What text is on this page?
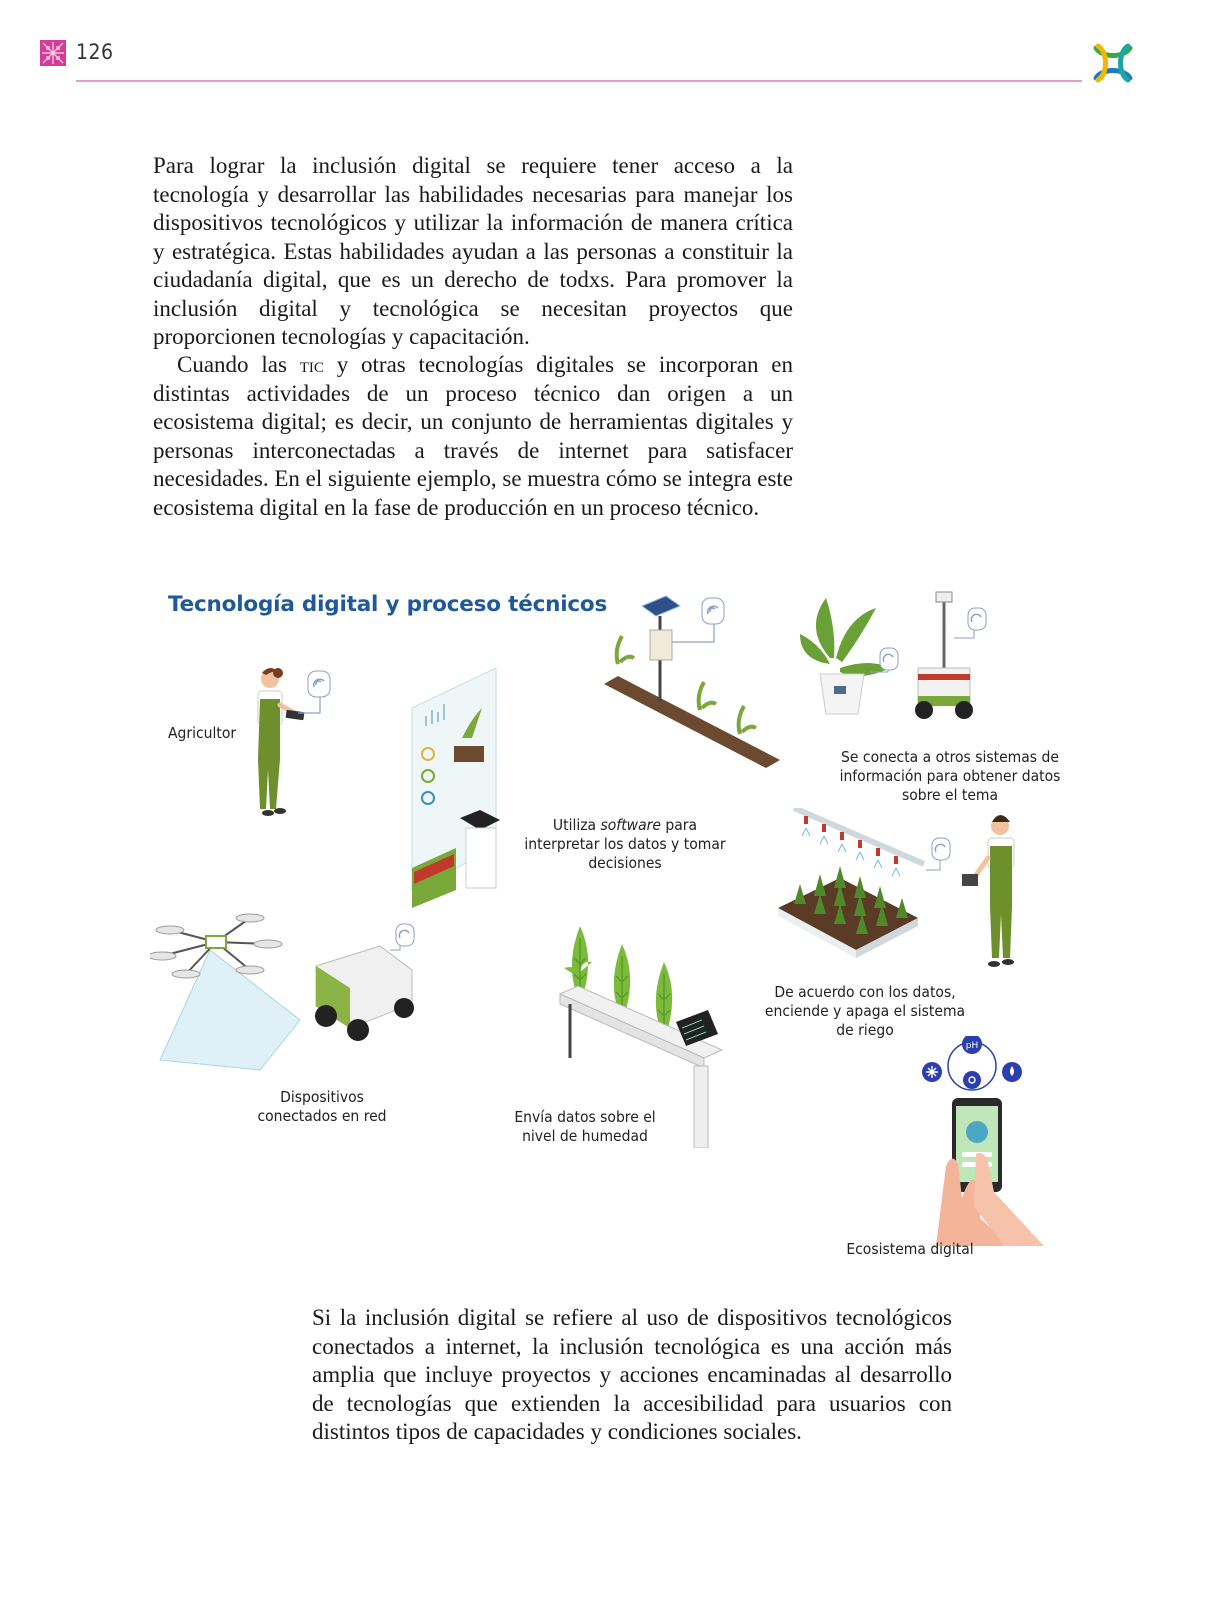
126

Para lograr la inclusión digital se requiere tener acceso a la tecnología y desarrollar las habilidades necesarias para manejar los dispositivos tecnológicos y utilizar la información de manera crítica y estratégica. Estas habilidades ayudan a las personas a constituir la ciudadanía digital, que es un derecho de todxs. Para promover la inclusión digital y tecnológica se necesitan proyectos que proporcionen tecnologías y capacitación.

Cuando las tic y otras tecnologías digitales se incorporan en distintas actividades de un proceso técnico dan origen a un ecosistema digital; es decir, un conjunto de herramientas digitales y personas interconectadas a través de internet para satisfacer necesidades. En el siguiente ejemplo, se muestra cómo se integra este ecosistema digital en la fase de producción en un proceso técnico.

Tecnología digital y proceso técnicos
Agricultor
Utiliza software para interpretar los datos y tomar decisiones
Se conecta a otros sistemas de información para obtener datos sobre el tema
De acuerdo con los datos, enciende y apaga el sistema de riego
Dispositivos conectados en red	Envía datos sobre el nivel de humedad
pH
Ecosistema digital

Si la inclusión digital se refiere al uso de dispositivos tecnológicos conectados a internet, la inclusión tecnológica es una acción más amplia que incluye proyectos y acciones encaminadas al desarrollo de tecnologías que extienden la accesibilidad para usuarios con distintos tipos de capacidades y condiciones sociales.
